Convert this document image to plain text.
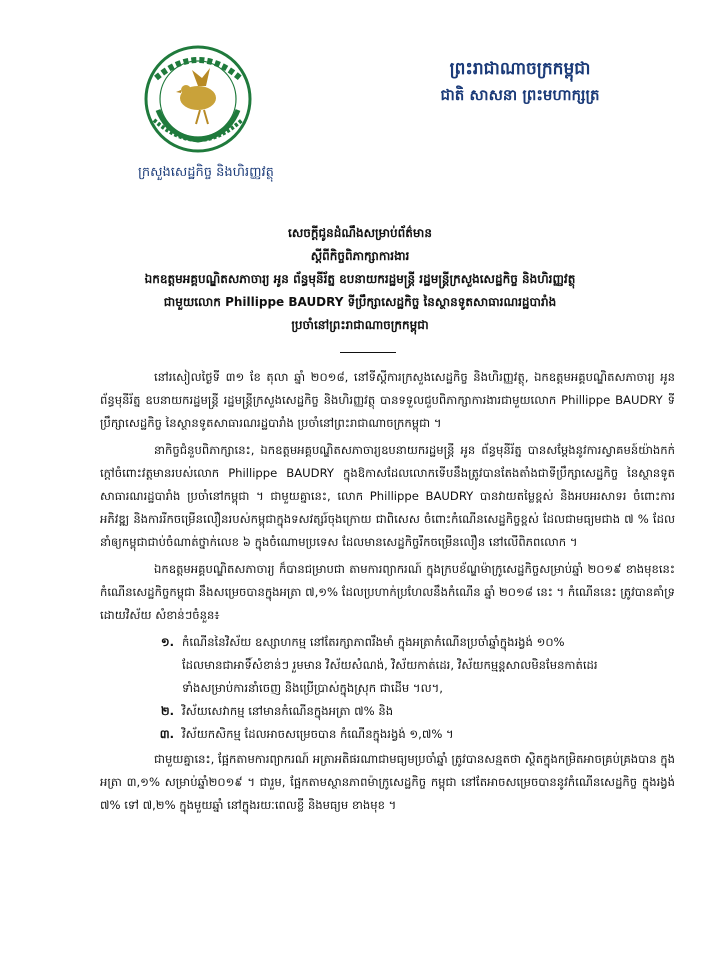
ក្រសួងសេដ្ឋកិច្ច និងហិរញ្ញវត្ថុ
ព្រះរាជាណាចក្រកម្ពុជា
ជាតិ សាសនា ព្រះមហាក្សត្រ
សេចក្តីជូនដំណឹងសម្រាប់ព័ត៌មាន
ស្តីពីកិច្ចពិភាក្សាការងារ
ឯកឧត្តមអគ្គបណ្ឌិតសភាចារ្យ អូន ព័ន្ធមុនីរ័ត្ន ឧបនាយករដ្ឋមន្ត្រី រដ្ឋមន្ត្រីក្រសួងសេដ្ឋកិច្ច និងហិរញ្ញវត្ថុ
ជាមួយលោក Phillippe BAUDRY ទីប្រឹក្សាសេដ្ឋកិច្ច នៃស្ថានទូតសាធារណរដ្ឋបារាំង
ប្រចាំនៅព្រះរាជាណាចក្រកម្ពុជា

នៅរសៀលថ្ងៃទី ៣១ ខែ តុលា ឆ្នាំ ២០១៨, នៅទីស្តីការក្រសួងសេដ្ឋកិច្ច និងហិរញ្ញវត្ថុ, ឯកឧត្តមអគ្គបណ្ឌិតសភាចារ្យ អូន ព័ន្ធមុនីរ័ត្ន ឧបនាយករដ្ឋមន្ត្រី រដ្ឋមន្ត្រីក្រសួងសេដ្ឋកិច្ច និងហិរញ្ញវត្ថុ បានទទួលជួបពិភាក្សាការងារជាមួយលោក Phillippe BAUDRY ទីប្រឹក្សាសេដ្ឋកិច្ច នៃស្ថានទូតសាធារណរដ្ឋបារាំង ប្រចាំនៅព្រះរាជាណាចក្រកម្ពុជា ។

នាកិច្ចជំនួបពិភាក្សានេះ, ឯកឧត្តមអគ្គបណ្ឌិតសភាចារ្យឧបនាយករដ្ឋមន្ត្រី អូន ព័ន្ធមុនីរ័ត្ន បានសម្តែងនូវការស្វាគមន៍យ៉ាងកក់ក្តៅចំពោះវត្តមានរបស់លោក Phillippe BAUDRY ក្នុងឱកាសដែលលោកទើបនឹងត្រូវបានតែងតាំងជាទីប្រឹក្សាសេដ្ឋកិច្ច នៃស្ថានទូតសាធារណរដ្ឋបារាំង ប្រចាំនៅកម្ពុជា ។ ជាមួយគ្នានេះ, លោក Phillippe BAUDRY បានវាយតម្លៃខ្ពស់ និងអបអរសាទរ ចំពោះការអភិវឌ្ឍ និងការរីកចម្រើនលឿនរបស់កម្ពុជាក្នុងទសវត្សរ៍ចុងក្រោយ ជាពិសេស ចំពោះកំណើនសេដ្ឋកិច្ចខ្ពស់ ដែលជាមធ្យមជាង ៧ % ដែលនាំឲ្យកម្ពុជាជាប់ចំណាត់ថ្នាក់លេខ ៦ ក្នុងចំណោមប្រទេស ដែលមានសេដ្ឋកិច្ចរីកចម្រើនលឿន នៅលើពិភពលោក ។

ឯកឧត្តមអគ្គបណ្ឌិតសភាចារ្យ ក៏បានជម្រាបជា តាមការព្យាករណ៍ ក្នុងក្របខ័ណ្ឌម៉ាក្រូសេដ្ឋកិច្ចសម្រាប់ឆ្នាំ ២០១៩ ខាងមុខនេះ កំណើនសេដ្ឋកិច្ចកម្ពុជា នឹងសម្រេចបានក្នុងអត្រា ៧,១% ដែលប្រហាក់ប្រហែលនឹងកំណើន ឆ្នាំ ២០១៨ នេះ ។ កំណើននេះ ត្រូវបានគាំទ្រដោយវិស័យ សំខាន់ៗចំនួន៖

១. កំណើននៃវិស័យ ឧស្សាហកម្ម នៅតែរក្សាភាពរឹងមាំ ក្នុងអត្រាកំណើនប្រចាំឆ្នាំក្នុងរង្វង់ ១០%
ដែលមានជាអាទិ៍សំខាន់ៗ រួមមាន វិស័យសំណង់, វិស័យកាត់ដេរ, វិស័យកម្មន្តសាលមិនមែនកាត់ដេរ
ទាំងសម្រាប់ការនាំចេញ និងប្រើប្រាស់ក្នុងស្រុក ជាដើម ។ល។,
២. វិស័យសេវាកម្ម នៅមានកំណើនក្នុងអត្រា ៧% និង
៣. វិស័យកសិកម្ម ដែលអាចសម្រេចបាន កំណើនក្នុងរង្វង់ ១,៧% ។

ជាមួយគ្នានេះ, ផ្អែកតាមការព្យាករណ៍ អត្រាអតិផរណាជាមធ្យមប្រចាំឆ្នាំ ត្រូវបានសន្មតថា ស្ថិតក្នុងកម្រិតអាចគ្រប់គ្រងបាន ក្នុងអត្រា ៣,១% សម្រាប់ឆ្នាំ២០១៩ ។ ជារួម, ផ្អែកតាមស្ថានភាពម៉ាក្រូសេដ្ឋកិច្ច កម្ពុជា នៅតែអាចសម្រេចបាននូវកំណើនសេដ្ឋកិច្ច ក្នុងរង្វង់ ៧% ទៅ ៧,២% ក្នុងមួយឆ្នាំ នៅក្នុងរយៈពេលខ្លី និងមធ្យម ខាងមុខ ។
